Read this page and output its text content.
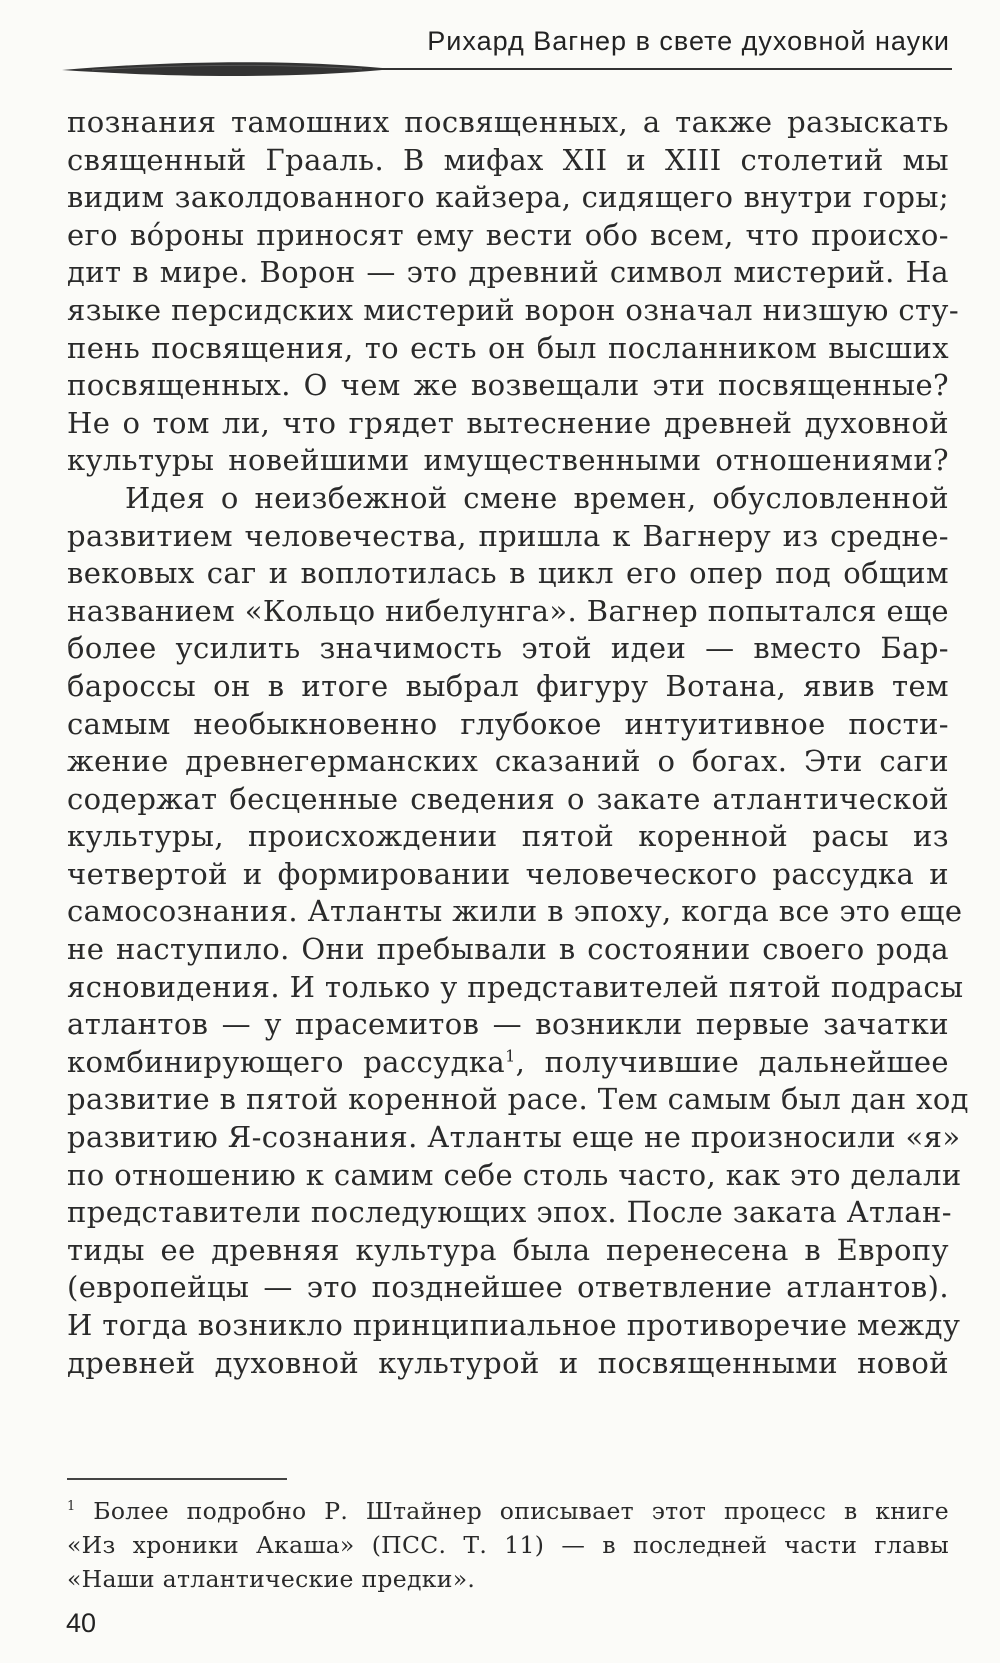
Рихард Вагнер в свете духовной науки
познания тамошних посвященных, а также разыскать
священный Грааль. В мифах XII и XIII столетий мы
видим заколдованного кайзера, сидящего внутри горы;
его вóроны приносят ему вести обо всем, что происхо-
дит в мире. Ворон — это древний символ мистерий. На
языке персидских мистерий ворон означал низшую сту-
пень посвящения, то есть он был посланником высших
посвященных. О чем же возвещали эти посвященные?
Не о том ли, что грядет вытеснение древней духовной
культуры новейшими имущественными отношениями?
Идея о неизбежной смене времен, обусловленной
развитием человечества, пришла к Вагнеру из средне-
вековых саг и воплотилась в цикл его опер под общим
названием «Кольцо нибелунга». Вагнер попытался еще
более усилить значимость этой идеи — вместо Бар-
бароссы он в итоге выбрал фигуру Вотана, явив тем
самым необыкновенно глубокое интуитивное пости-
жение древнегерманских сказаний о богах. Эти саги
содержат бесценные сведения о закате атлантической
культуры, происхождении пятой коренной расы из
четвертой и формировании человеческого рассудка и
самосознания. Атланты жили в эпоху, когда все это еще
не наступило. Они пребывали в состоянии своего рода
ясновидения. И только у представителей пятой подрасы
атлантов — у прасемитов — возникли первые зачатки
комбинирующего рассудка$^1$, получившие дальнейшее
развитие в пятой коренной расе. Тем самым был дан ход
развитию Я-сознания. Атланты еще не произносили «я»
по отношению к самим себе столь часто, как это делали
представители последующих эпох. После заката Атлан-
тиды ее древняя культура была перенесена в Европу
(европейцы — это позднейшее ответвление атлантов).
И тогда возникло принципиальное противоречие между
древней духовной культурой и посвященными новой
$^1$ Более подробно Р. Штайнер описывает этот процесс в книге
«Из хроники Акаша» (ПСС. Т. 11) — в последней части главы
«Наши атлантические предки».
40
